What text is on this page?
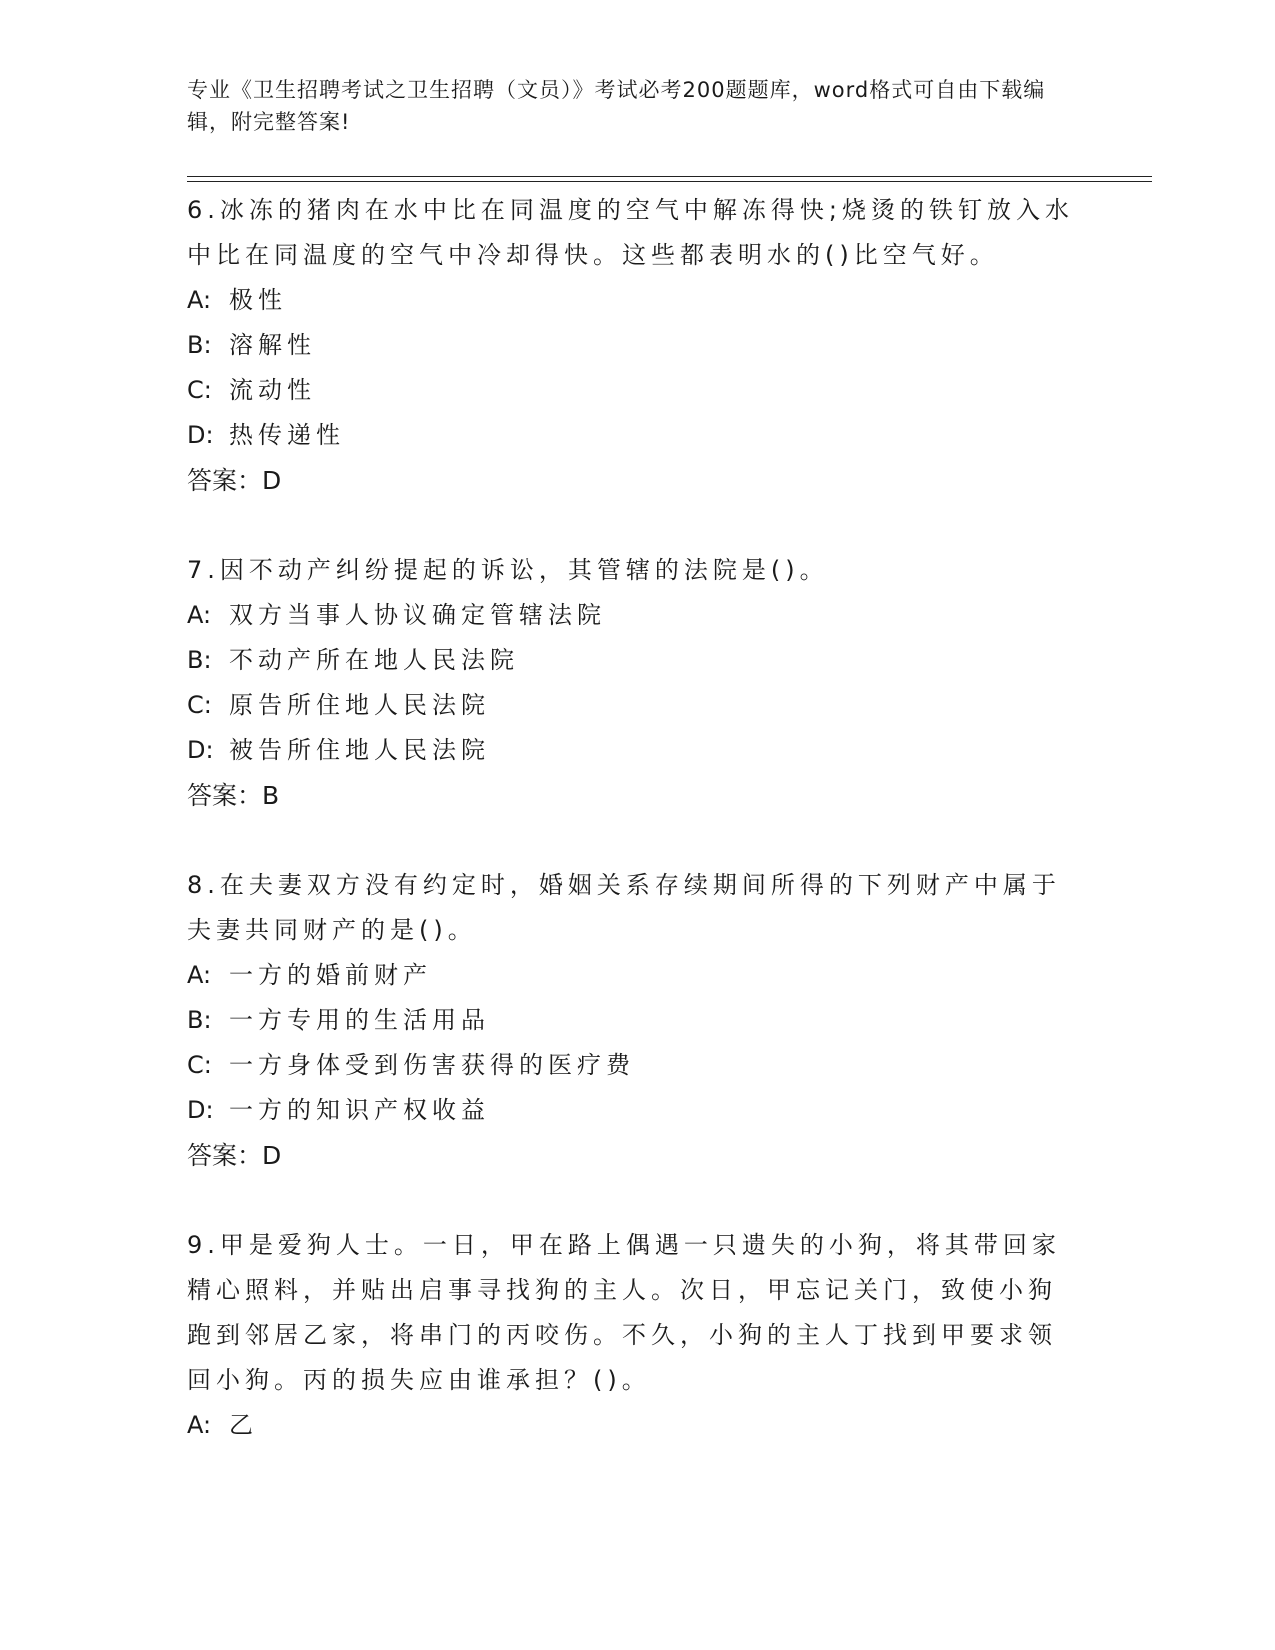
专业《卫生招聘考试之卫生招聘（文员）》考试必考200题题库，word格式可自由下载编辑，附完整答案!

6.冰冻的猪肉在水中比在同温度的空气中解冻得快;烧烫的铁钉放入水中比在同温度的空气中冷却得快。这些都表明水的()比空气好。

A: 极性

B: 溶解性

C: 流动性

D: 热传递性

答案：D

7.因不动产纠纷提起的诉讼，其管辖的法院是()。

A: 双方当事人协议确定管辖法院

B: 不动产所在地人民法院

C: 原告所住地人民法院

D: 被告所住地人民法院

答案：B

8.在夫妻双方没有约定时，婚姻关系存续期间所得的下列财产中属于夫妻共同财产的是()。

A: 一方的婚前财产

B: 一方专用的生活用品

C: 一方身体受到伤害获得的医疗费

D: 一方的知识产权收益

答案：D

9.甲是爱狗人士。一日，甲在路上偶遇一只遗失的小狗，将其带回家精心照料，并贴出启事寻找狗的主人。次日，甲忘记关门，致使小狗跑到邻居乙家，将串门的丙咬伤。不久，小狗的主人丁找到甲要求领回小狗。丙的损失应由谁承担？()。

A: 乙
